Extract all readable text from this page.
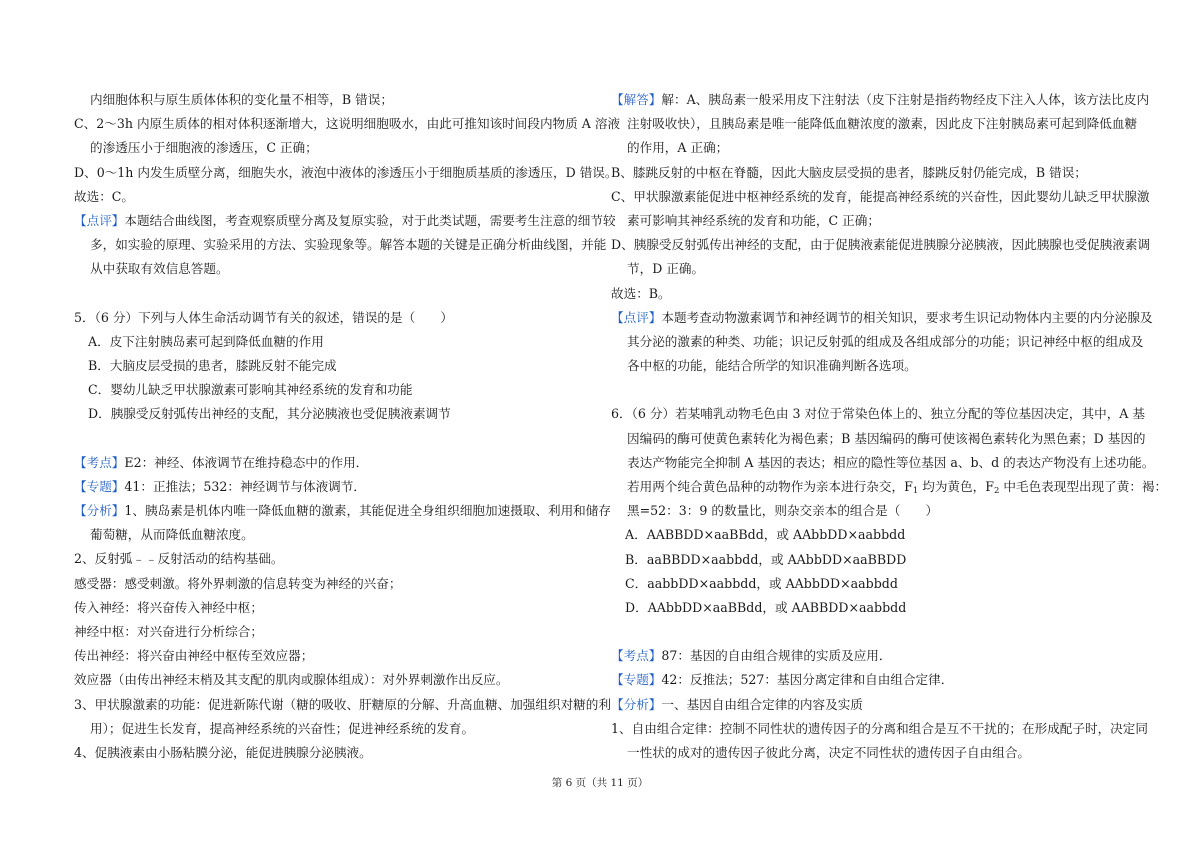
内细胞体积与原生质体体积的变化量不相等，B 错误；
C、2～3h 内原生质体的相对体积逐渐增大，这说明细胞吸水，由此可推知该时间段内物质 A 溶液
的渗透压小于细胞液的渗透压，C 正确；
D、0～1h 内发生质壁分离，细胞失水，液泡中液体的渗透压小于细胞质基质的渗透压，D 错误。
故选：C。
【点评】本题结合曲线图，考查观察质壁分离及复原实验，对于此类试题，需要考生注意的细节较
多，如实验的原理、实验采用的方法、实验现象等。解答本题的关键是正确分析曲线图，并能
从中获取有效信息答题。
5．（6 分）下列与人体生命活动调节有关的叙述，错误的是（　　）
A．皮下注射胰岛素可起到降低血糖的作用
B．大脑皮层受损的患者，膝跳反射不能完成
C．婴幼儿缺乏甲状腺激素可影响其神经系统的发育和功能
D．胰腺受反射弧传出神经的支配，其分泌胰液也受促胰液素调节
【考点】E2：神经、体液调节在维持稳态中的作用．
【专题】41：正推法；532：神经调节与体液调节．
【分析】1、胰岛素是机体内唯一降低血糖的激素，其能促进全身组织细胞加速摄取、利用和储存
葡萄糖，从而降低血糖浓度。
2、反射弧﹣﹣反射活动的结构基础。
感受器：感受刺激。将外界刺激的信息转变为神经的兴奋；
传入神经：将兴奋传入神经中枢；
神经中枢：对兴奋进行分析综合；
传出神经：将兴奋由神经中枢传至效应器；
效应器（由传出神经末梢及其支配的肌肉或腺体组成）：对外界刺激作出反应。
3、甲状腺激素的功能：促进新陈代谢（糖的吸收、肝糖原的分解、升高血糖、加强组织对糖的利
用）；促进生长发育，提高神经系统的兴奋性；促进神经系统的发育。
4、促胰液素由小肠粘膜分泌，能促进胰腺分泌胰液。
【解答】解：A、胰岛素一般采用皮下注射法（皮下注射是指药物经皮下注入人体，该方法比皮内
注射吸收快），且胰岛素是唯一能降低血糖浓度的激素，因此皮下注射胰岛素可起到降低血糖
的作用，A 正确；
B、膝跳反射的中枢在脊髓，因此大脑皮层受损的患者，膝跳反射仍能完成，B 错误；
C、甲状腺激素能促进中枢神经系统的发育，能提高神经系统的兴奋性，因此婴幼儿缺乏甲状腺激
素可影响其神经系统的发育和功能，C 正确；
D、胰腺受反射弧传出神经的支配，由于促胰液素能促进胰腺分泌胰液，因此胰腺也受促胰液素调
节，D 正确。
故选：B。
【点评】本题考查动物激素调节和神经调节的相关知识，要求考生识记动物体内主要的内分泌腺及
其分泌的激素的种类、功能；识记反射弧的组成及各组成部分的功能；识记神经中枢的组成及
各中枢的功能，能结合所学的知识准确判断各选项。
6．（6 分）若某哺乳动物毛色由 3 对位于常染色体上的、独立分配的等位基因决定，其中，A 基
因编码的酶可使黄色素转化为褐色素；B 基因编码的酶可使该褐色素转化为黑色素；D 基因的
表达产物能完全抑制 A 基因的表达；相应的隐性等位基因 a、b、d 的表达产物没有上述功能。
若用两个纯合黄色品种的动物作为亲本进行杂交，$F_1$ 均为黄色，$F_2$ 中毛色表现型出现了黄：褐：
黑=52：3：9 的数量比，则杂交亲本的组合是（　　）
A．AABBDD×aaBBdd，或 AAbbDD×aabbdd
B．aaBBDD×aabbdd，或 AAbbDD×aaBBDD
C．aabbDD×aabbdd，或 AAbbDD×aabbdd
D．AAbbDD×aaBBdd，或 AABBDD×aabbdd
【考点】87：基因的自由组合规律的实质及应用．
【专题】42：反推法；527：基因分离定律和自由组合定律．
【分析】一、基因自由组合定律的内容及实质
1、自由组合定律：控制不同性状的遗传因子的分离和组合是互不干扰的；在形成配子时，决定同
一性状的成对的遗传因子彼此分离，决定不同性状的遗传因子自由组合。
第 6 页（共 11 页）
